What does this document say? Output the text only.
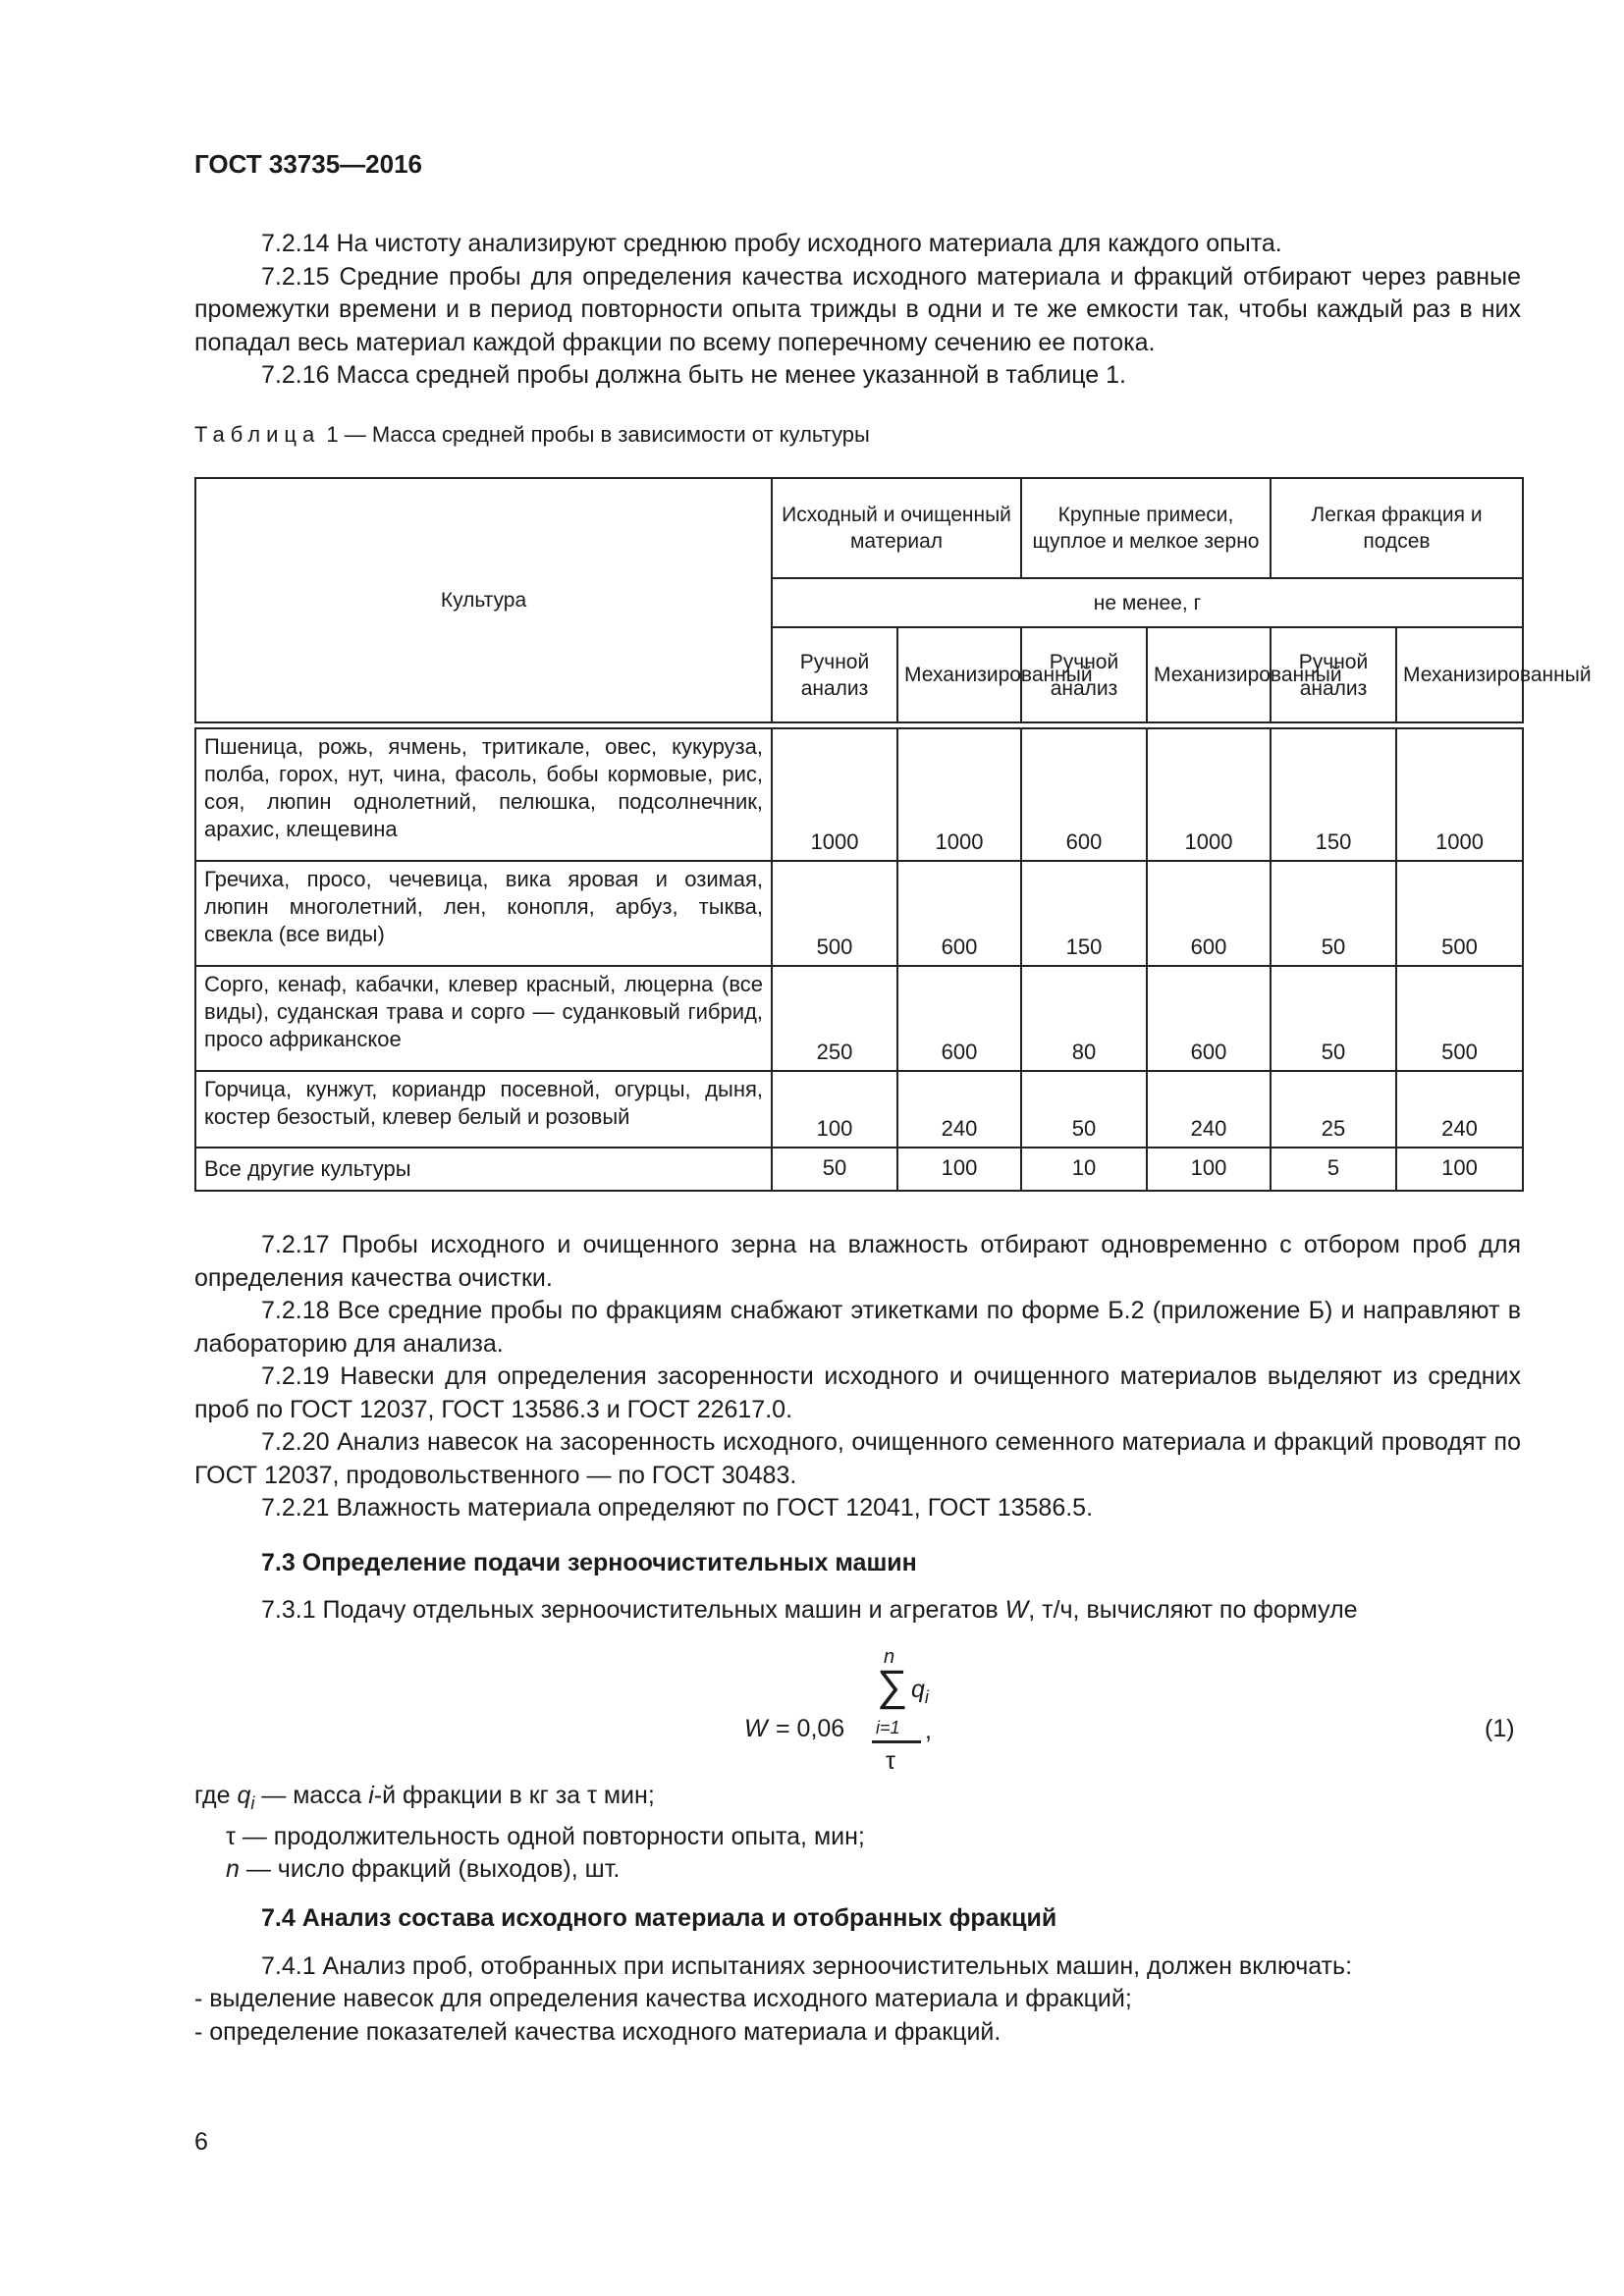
ГОСТ 33735—2016

7.2.14 На чистоту анализируют среднюю пробу исходного материала для каждого опыта.

7.2.15 Средние пробы для определения качества исходного материала и фракций отбирают через равные промежутки времени и в период повторности опыта трижды в одни и те же емкости так, чтобы каждый раз в них попадал весь материал каждой фракции по всему поперечному сечению ее потока.

7.2.16 Масса средней пробы должна быть не менее указанной в таблице 1.

Таблица 1 — Масса средней пробы в зависимости от культуры
Культура	Исходный и очищенный материал		Крупные примеси, щуплое и мелкое зерно		Легкая фракция и подсев	
	не менее, г					
	Ручной анализ	Механизированный	Ручной анализ	Механизированный	Ручной анализ	Механизированный

Пшеница, рожь, ячмень, тритикале, овес, кукуруза, полба, горох, нут, чина, фасоль, бобы кормовые, рис, соя, люпин однолетний, пелюшка, подсолнечник, арахис, клещевина	1000	1000	600	1000	150	1000
Гречиха, просо, чечевица, вика яровая и озимая, люпин многолетний, лен, конопля, арбуз, тыква, свекла (все виды)	500	600	150	600	50	500
Сорго, кенаф, кабачки, клевер красный, люцерна (все виды), суданская трава и сорго — суданковый гибрид, просо африканское	250	600	80	600	50	500
Горчица, кунжут, кориандр посевной, огурцы, дыня, костер безостый, клевер белый и розовый	100	240	50	240	25	240
Все другие культуры	50	100	10	100	5	100

7.2.17 Пробы исходного и очищенного зерна на влажность отбирают одновременно с отбором проб для определения качества очистки.

7.2.18 Все средние пробы по фракциям снабжают этикетками по форме Б.2 (приложение Б) и направляют в лабораторию для анализа.

7.2.19 Навески для определения засоренности исходного и очищенного материалов выделяют из средних проб по ГОСТ 12037, ГОСТ 13586.3 и ГОСТ 22617.0.

7.2.20 Анализ навесок на засоренность исходного, очищенного семенного материала и фракций проводят по ГОСТ 12037, продовольственного — по ГОСТ 30483.

7.2.21 Влажность материала определяют по ГОСТ 12041, ГОСТ 13586.5.

7.3 Определение подачи зерноочистительных машин

7.3.1 Подачу отдельных зерноочистительных машин и агрегатов W, т/ч, вычисляют по формуле

W = 0,06
n
∑ $q_i$
i=1
τ
,	(1)
где $q_i$ — масса i-й фракции в кг за τ мин;
τ — продолжительность одной повторности опыта, мин;
n — число фракций (выходов), шт.

7.4 Анализ состава исходного материала и отобранных фракций

7.4.1 Анализ проб, отобранных при испытаниях зерноочистительных машин, должен включать:

- выделение навесок для определения качества исходного материала и фракций;

- определение показателей качества исходного материала и фракций.

6
